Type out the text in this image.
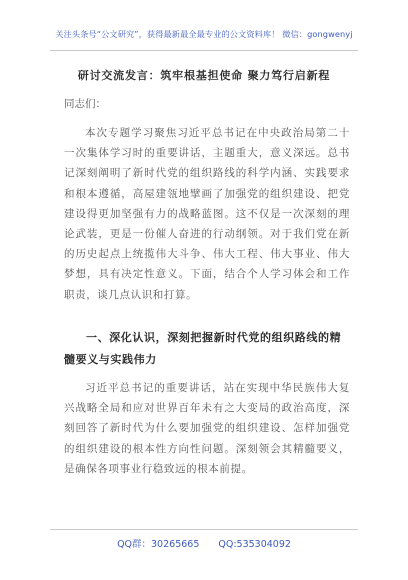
关注头条号“公文研究”，获得最新最全最专业的公文资料库！ 微信：gongwenyj
研讨交流发言：筑牢根基担使命 聚力笃行启新程
同志们：

本次专题学习聚焦习近平总书记在中央政治局第二十一次集体学习时的重要讲话，主题重大，意义深远。总书记深刻阐明了新时代党的组织路线的科学内涵、实践要求和根本遵循，高屋建瓴地擘画了加强党的组织建设、把党建设得更加坚强有力的战略蓝图。这不仅是一次深刻的理论武装，更是一份催人奋进的行动纲领。对于我们党在新的历史起点上统揽伟大斗争、伟大工程、伟大事业、伟大梦想，具有决定性意义。下面，结合个人学习体会和工作职责，谈几点认识和打算。

一、深化认识，深刻把握新时代党的组织路线的精髓要义与实践伟力

习近平总书记的重要讲话，站在实现中华民族伟大复兴战略全局和应对世界百年未有之大变局的政治高度，深刻回答了新时代为什么要加强党的组织建设、怎样加强党的组织建设的根本性方向性问题。深刻领会其精髓要义，是确保各项事业行稳致远的根本前提。

QQ群：30265665　　QQ:535304092
